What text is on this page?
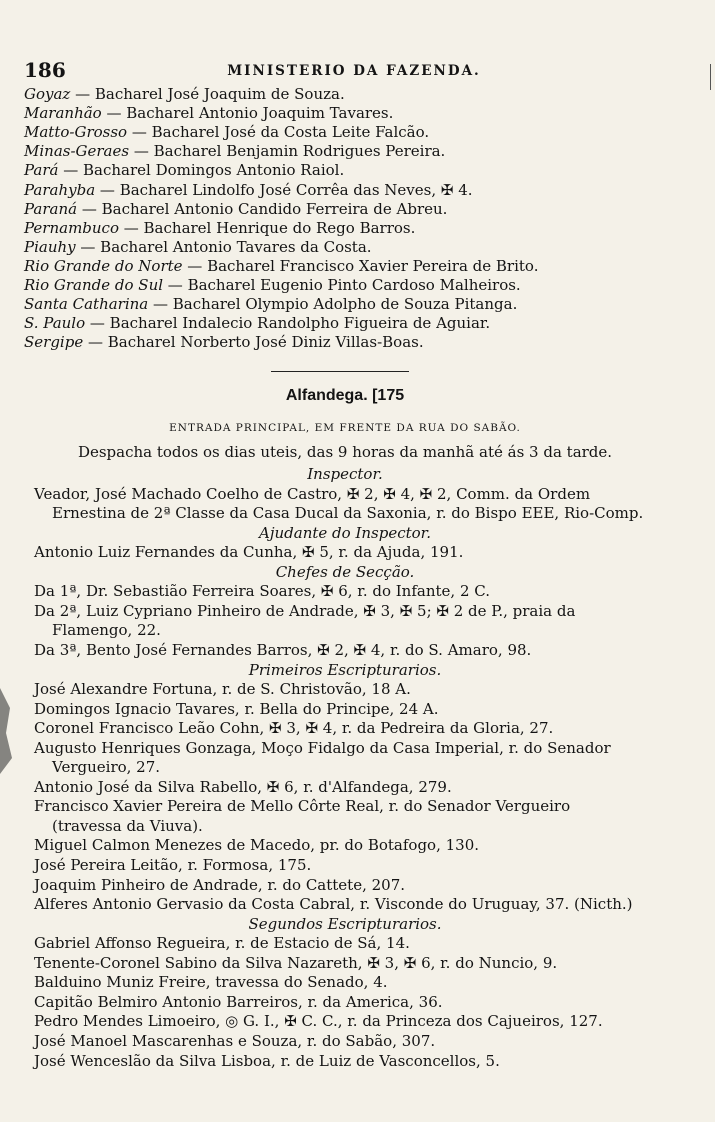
186	MINISTERIO DA FAZENDA.
Goyaz — Bacharel José Joaquim de Souza.
Maranhão — Bacharel Antonio Joaquim Tavares.
Matto-Grosso — Bacharel José da Costa Leite Falcão.
Minas-Geraes — Bacharel Benjamin Rodrigues Pereira.
Pará — Bacharel Domingos Antonio Raiol.
Parahyba — Bacharel Lindolfo José Corrêa das Neves, ✠ 4.
Paraná — Bacharel Antonio Candido Ferreira de Abreu.
Pernambuco — Bacharel Henrique do Rego Barros.
Piauhy — Bacharel Antonio Tavares da Costa.
Rio Grande do Norte — Bacharel Francisco Xavier Pereira de Brito.
Rio Grande do Sul — Bacharel Eugenio Pinto Cardoso Malheiros.
Santa Catharina — Bacharel Olympio Adolpho de Souza Pitanga.
S. Paulo — Bacharel Indalecio Randolpho Figueira de Aguiar.
Sergipe — Bacharel Norberto José Diniz Villas-Boas.
Alfandega. [175
ENTRADA PRINCIPAL, EM FRENTE DA RUA DO SABÃO.
Despacha todos os dias uteis, das 9 horas da manhã até ás 3 da tarde.
Inspector.
Veador, José Machado Coelho de Castro, ✠ 2, ✠ 4, ✠ 2, Comm. da Ordem
Ernestina de 2ª Classe da Casa Ducal da Saxonia, r. do Bispo EEE, Rio-Comp.
Ajudante do Inspector.
Antonio Luiz Fernandes da Cunha, ✠ 5, r. da Ajuda, 191.
Chefes de Secção.
Da 1ª, Dr. Sebastião Ferreira Soares, ✠ 6, r. do Infante, 2 C.
Da 2ª, Luiz Cypriano Pinheiro de Andrade, ✠ 3, ✠ 5; ✠ 2 de P., praia da
Flamengo, 22.
Da 3ª, Bento José Fernandes Barros, ✠ 2, ✠ 4, r. do S. Amaro, 98.
Primeiros Escripturarios.
José Alexandre Fortuna, r. de S. Christovão, 18 A.
Domingos Ignacio Tavares, r. Bella do Principe, 24 A.
Coronel Francisco Leão Cohn, ✠ 3, ✠ 4, r. da Pedreira da Gloria, 27.
Augusto Henriques Gonzaga, Moço Fidalgo da Casa Imperial, r. do Senador
Vergueiro, 27.
Antonio José da Silva Rabello, ✠ 6, r. d'Alfandega, 279.
Francisco Xavier Pereira de Mello Côrte Real, r. do Senador Vergueiro
(travessa da Viuva).
Miguel Calmon Menezes de Macedo, pr. do Botafogo, 130.
José Pereira Leitão, r. Formosa, 175.
Joaquim Pinheiro de Andrade, r. do Cattete, 207.
Alferes Antonio Gervasio da Costa Cabral, r. Visconde do Uruguay, 37. (Nicth.)
Segundos Escripturarios.
Gabriel Affonso Regueira, r. de Estacio de Sá, 14.
Tenente-Coronel Sabino da Silva Nazareth, ✠ 3, ✠ 6, r. do Nuncio, 9.
Balduino Muniz Freire, travessa do Senado, 4.
Capitão Belmiro Antonio Barreiros, r. da America, 36.
Pedro Mendes Limoeiro, ◎ G. I., ✠ C. C., r. da Princeza dos Cajueiros, 127.
José Manoel Mascarenhas e Souza, r. do Sabão, 307.
José Wenceslão da Silva Lisboa, r. de Luiz de Vasconcellos, 5.
